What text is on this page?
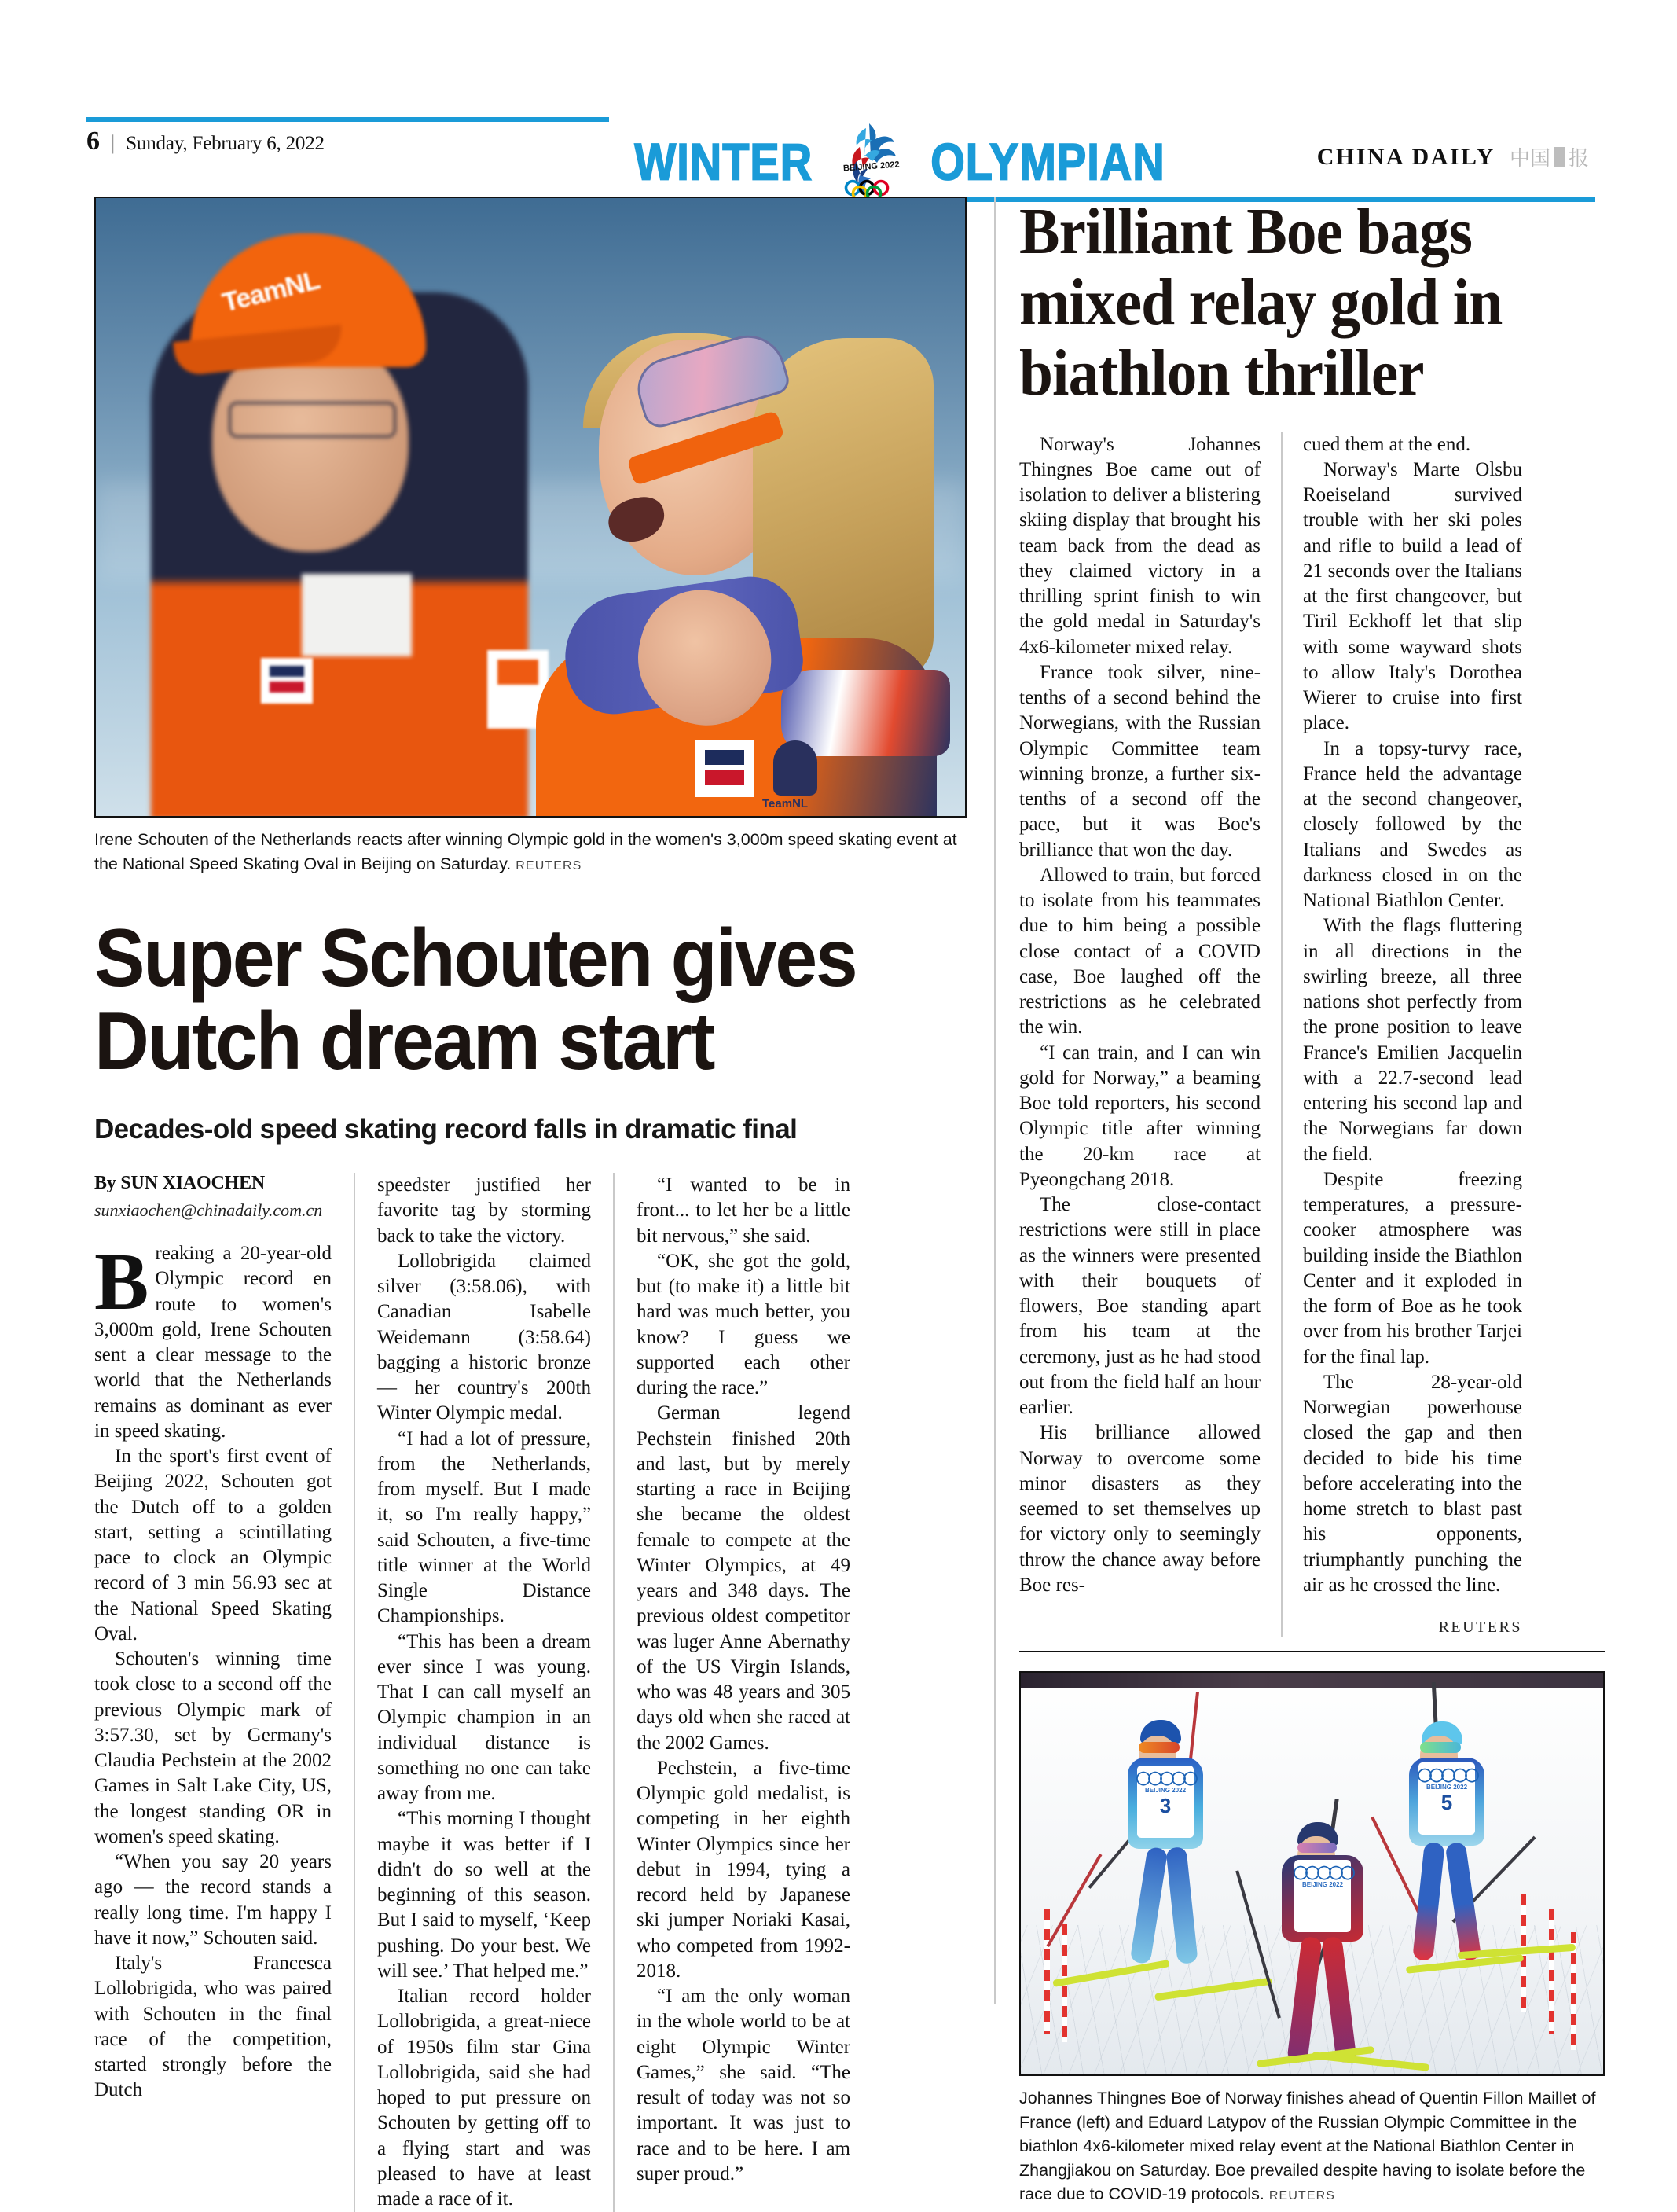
6 | Sunday, February 6, 2022	WINTER	BEIJING 2022 OLYMPIAN	CHINA DAILY 中国 报
TeamNL
TeamNL
Irene Schouten of the Netherlands reacts after winning Olympic gold in the women's 3,000m speed skating event at the National Speed Skating Oval in Beijing on Saturday. REUTERS
Super Schouten gives Dutch dream start
Decades-old speed skating record falls in dramatic final
By SUN XIAOCHEN
sunxiaochen@chinadaily.com.cn

Breaking a 20-year-old Olympic record en route to women's 3,000m gold, Irene Schouten sent a clear message to the world that the Netherlands remains as dominant as ever in speed skating.

In the sport's first event of Beijing 2022, Schouten got the Dutch off to a golden start, setting a scintillating pace to clock an Olympic record of 3 min 56.93 sec at the National Speed Skating Oval.

Schouten's winning time took close to a second off the previous Olympic mark of 3:57.30, set by Germany's Claudia Pechstein at the 2002 Games in Salt Lake City, US, the longest standing OR in women's speed skating.

“When you say 20 years ago — the record stands a really long time. I'm happy I have it now,” Schouten said.

Italy's Francesca Lollobrigida, who was paired with Schouten in the final race of the competition, started strongly before the Dutch

speedster justified her favorite tag by storming back to take the victory.

Lollobrigida claimed silver (3:58.06), with Canadian Isabelle Weidemann (3:58.64) bagging a historic bronze — her country's 200th Winter Olympic medal.

“I had a lot of pressure, from the Netherlands, from myself. But I made it, so I'm really happy,” said Schouten, a five-time title winner at the World Single Distance Championships.

“This has been a dream ever since I was young. That I can call myself an Olympic champion in an individual distance is something no one can take away from me.

“This morning I thought maybe it was better if I didn't do so well at the beginning of this season. But I said to myself, ‘Keep pushing. Do your best. We will see.’ That helped me.”

Italian record holder Lollobrigida, a great-niece of 1950s film star Gina Lollobrigida, said she had hoped to put pressure on Schouten by getting off to a flying start and was pleased to have at least made a race of it.

“I wanted to be in front... to let her be a little bit nervous,” she said.

“OK, she got the gold, but (to make it) a little bit hard was much better, you know? I guess we supported each other during the race.”

German legend Pechstein finished 20th and last, but by merely starting a race in Beijing she became the oldest female to compete at the Winter Olympics, at 49 years and 348 days. The previous oldest competitor was luger Anne Abernathy of the US Virgin Islands, who was 48 years and 305 days old when she raced at the 2002 Games.

Pechstein, a five-time Olympic gold medalist, is competing in her eighth Winter Olympics since her debut in 1994, tying a record held by Japanese ski jumper Noriaki Kasai, who competed from 1992-2018.

“I am the only woman in the whole world to be at eight Olympic Winter Games,” she said. “The result of today was not so important. It was just to race and to be here. I am super proud.”

Brilliant Boe bags mixed relay gold in biathlon thriller

Norway's Johannes Thingnes Boe came out of isolation to deliver a blistering skiing display that brought his team back from the dead as they claimed victory in a thrilling sprint finish to win the gold medal in Saturday's 4x6-kilometer mixed relay.

France took silver, nine-tenths of a second behind the Norwegians, with the Russian Olympic Committee team winning bronze, a further six-tenths of a second off the pace, but it was Boe's brilliance that won the day.

Allowed to train, but forced to isolate from his teammates due to him being a possible close contact of a COVID case, Boe laughed off the restrictions as he celebrated the win.

“I can train, and I can win gold for Norway,” a beaming Boe told reporters, his second Olympic title after winning the 20-km race at Pyeongchang 2018.

The close-contact restrictions were still in place as the winners were presented with their bouquets of flowers, Boe standing apart from his team at the ceremony, just as he had stood out from the field half an hour earlier.

His brilliance allowed Norway to overcome some minor disasters as they seemed to set themselves up for victory only to seemingly throw the chance away before Boe res-

cued them at the end.

Norway's Marte Olsbu Roeiseland survived trouble with her ski poles and rifle to build a lead of 21 seconds over the Italians at the first changeover, but Tiril Eckhoff let that slip with some wayward shots to allow Italy's Dorothea Wierer to cruise into first place.

In a topsy-turvy race, France held the advantage at the second changeover, closely followed by the Italians and Swedes as darkness closed in on the National Biathlon Center.

With the flags fluttering in all directions in the swirling breeze, all three nations shot perfectly from the prone position to leave France's Emilien Jacquelin with a 22.7-second lead entering his second lap and the Norwegians far down the field.

Despite freezing temperatures, a pressure-cooker atmosphere was building inside the Biathlon Center and it exploded in the form of Boe as he took over from his brother Tarjei for the final lap.

The 28-year-old Norwegian powerhouse closed the gap and then decided to bide his time before accelerating into the home stretch to blast past his opponents, triumphantly punching the air as he crossed the line.

REUTERS
◯◯◯◯◯
BEIJING 2022
3
◯◯◯◯◯
BEIJING 2022
◯◯◯◯◯
BEIJING 2022
5
Johannes Thingnes Boe of Norway finishes ahead of Quentin Fillon Maillet of France (left) and Eduard Latypov of the Russian Olympic Committee in the biathlon 4x6-kilometer mixed relay event at the National Biathlon Center in Zhangjiakou on Saturday. Boe prevailed despite having to isolate before the race due to COVID-19 protocols. REUTERS
